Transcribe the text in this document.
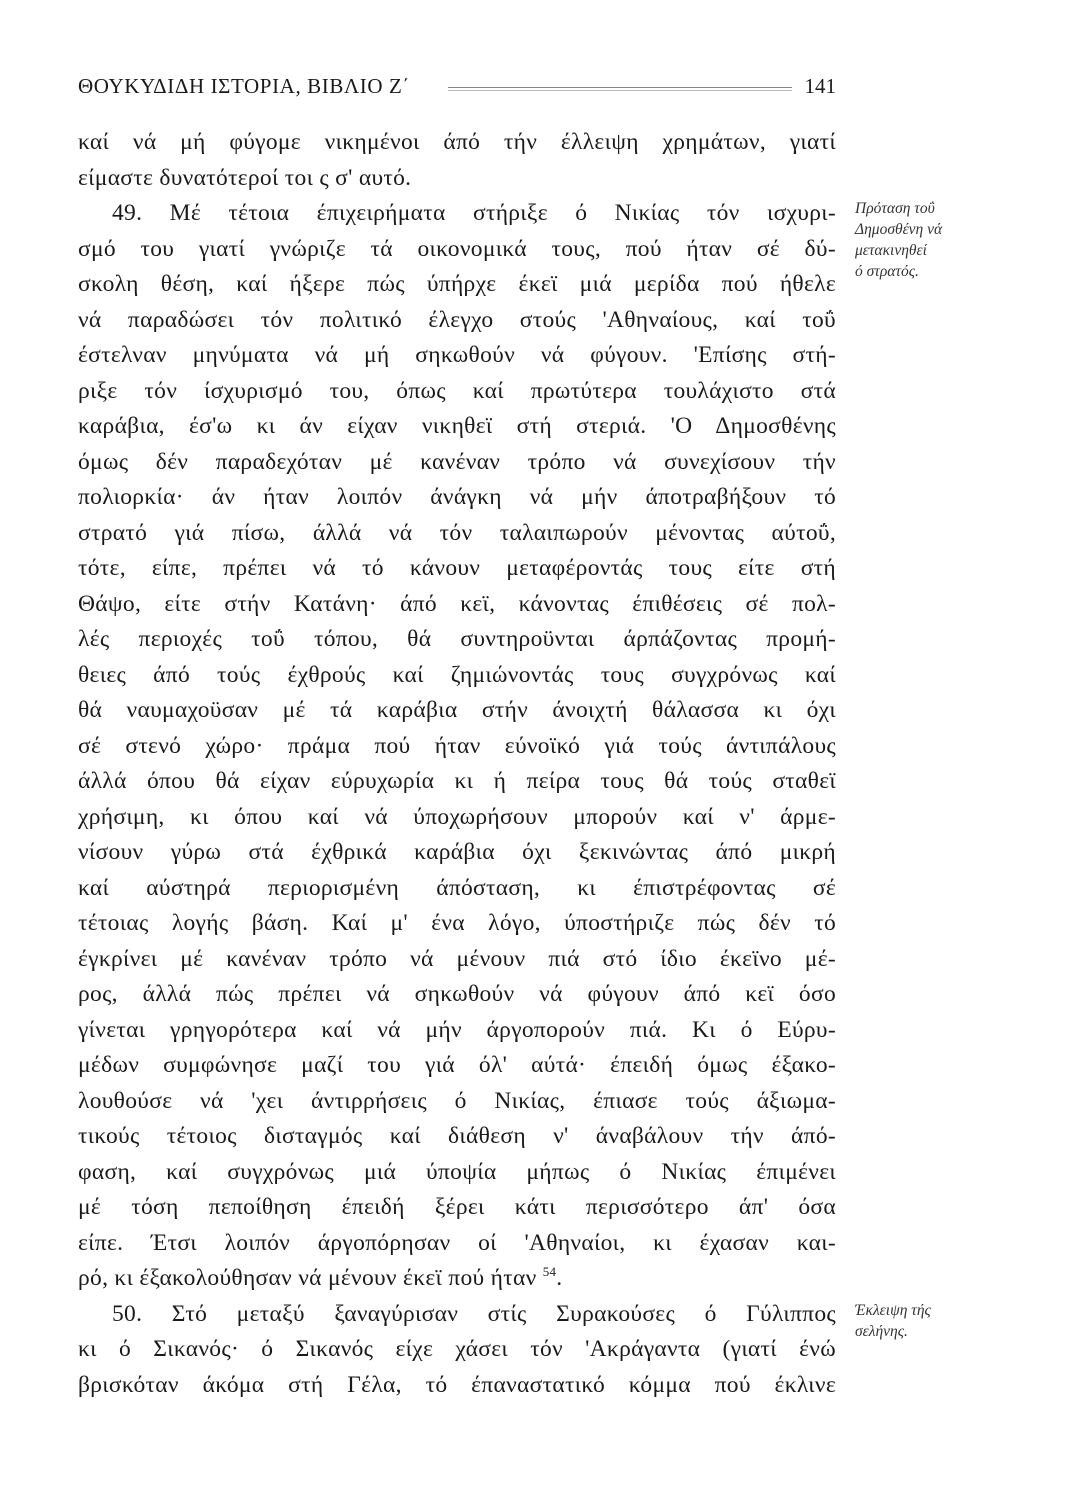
ΘΟΥΚΥΔΙΔΗ ΙΣΤΟΡΙΑ, ΒΙΒΛΙΟ Ζ΄	141
καί νά μή φύγομε νικημένοι άπό τήν έλλειψη χρημάτων, γιατί
είμαστε δυνατότεροί τοι ς σ' αυτό.
49. Μέ τέτοια έπιχειρήματα στήριξε ό Νικίας τόν ισχυρι-
σμό του γιατί γνώριζε τά οικονομικά τους, πού ήταν σέ δύ-
σκολη θέση, καί ήξερε πώς ύπήρχε έκεϊ μιά μερίδα πού ήθελε
νά παραδώσει τόν πολιτικό έλεγχο στούς 'Αθηναίους, καί τοΰ
έστελναν μηνύματα νά μή σηκωθούν νά φύγουν. 'Επίσης στή-
ριξε τόν ίσχυρισμό του, όπως καί πρωτύτερα τουλάχιστο στά
καράβια, έσ'ω κι άν είχαν νικηθεϊ στή στεριά. 'Ο Δημοσθένης
όμως δέν παραδεχόταν μέ κανέναν τρόπο νά συνεχίσουν τήν
πολιορκία· άν ήταν λοιπόν άνάγκη νά μήν άποτραβήξουν τό
στρατό γιά πίσω, άλλά νά τόν ταλαιπωρούν μένοντας αύτοΰ,
τότε, είπε, πρέπει νά τό κάνουν μεταφέροντάς τους είτε στή
Θάψο, είτε στήν Κατάνη· άπό κεϊ, κάνοντας έπιθέσεις σέ πολ-
λές περιοχές τοΰ τόπου, θά συντηροϋνται άρπάζοντας προμή-
θειες άπό τούς έχθρούς καί ζημιώνοντάς τους συγχρόνως καί
θά ναυμαχοϋσαν μέ τά καράβια στήν άνοιχτή θάλασσα κι όχι
σέ στενό χώρο· πράμα πού ήταν εύνοϊκό γιά τούς άντιπάλους
άλλά όπου θά είχαν εύρυχωρία κι ή πείρα τους θά τούς σταθεϊ
χρήσιμη, κι όπου καί νά ύποχωρήσουν μπορούν καί ν' άρμε-
νίσουν γύρω στά έχθρικά καράβια όχι ξεκινώντας άπό μικρή
καί αύστηρά περιορισμένη άπόσταση, κι έπιστρέφοντας σέ
τέτοιας λογής βάση. Καί μ' ένα λόγο, ύποστήριζε πώς δέν τό
έγκρίνει μέ κανέναν τρόπο νά μένουν πιά στό ίδιο έκεϊνο μέ-
ρος, άλλά πώς πρέπει νά σηκωθούν νά φύγουν άπό κεϊ όσο
γίνεται γρηγορότερα καί νά μήν άργοπορούν πιά. Κι ό Εύρυ-
μέδων συμφώνησε μαζί του γιά όλ' αύτά· έπειδή όμως έξακο-
λουθούσε νά 'χει άντιρρήσεις ό Νικίας, έπιασε τούς άξιωμα-
τικούς τέτοιος δισταγμός καί διάθεση ν' άναβάλουν τήν άπό-
φαση, καί συγχρόνως μιά ύποψία μήπως ό Νικίας έπιμένει
μέ τόση πεποίθηση έπειδή ξέρει κάτι περισσότερο άπ' όσα
είπε. Έτσι λοιπόν άργοπόρησαν οί 'Αθηναίοι, κι έχασαν και-
ρό, κι έξακολούθησαν νά μένουν έκεϊ πού ήταν $^{54}$.
50. Στό μεταξύ ξαναγύρισαν στίς Συρακούσες ό Γύλιππος
κι ό Σικανός· ό Σικανός είχε χάσει τόν 'Ακράγαντα (γιατί ένώ
βρισκόταν άκόμα στή Γέλα, τό έπαναστατικό κόμμα πού έκλινε
Πρόταση τοΰ
Δημοσθένη νά
μετακινηθεί
ό στρατός.
Έκλειψη τής
σελήνης.
